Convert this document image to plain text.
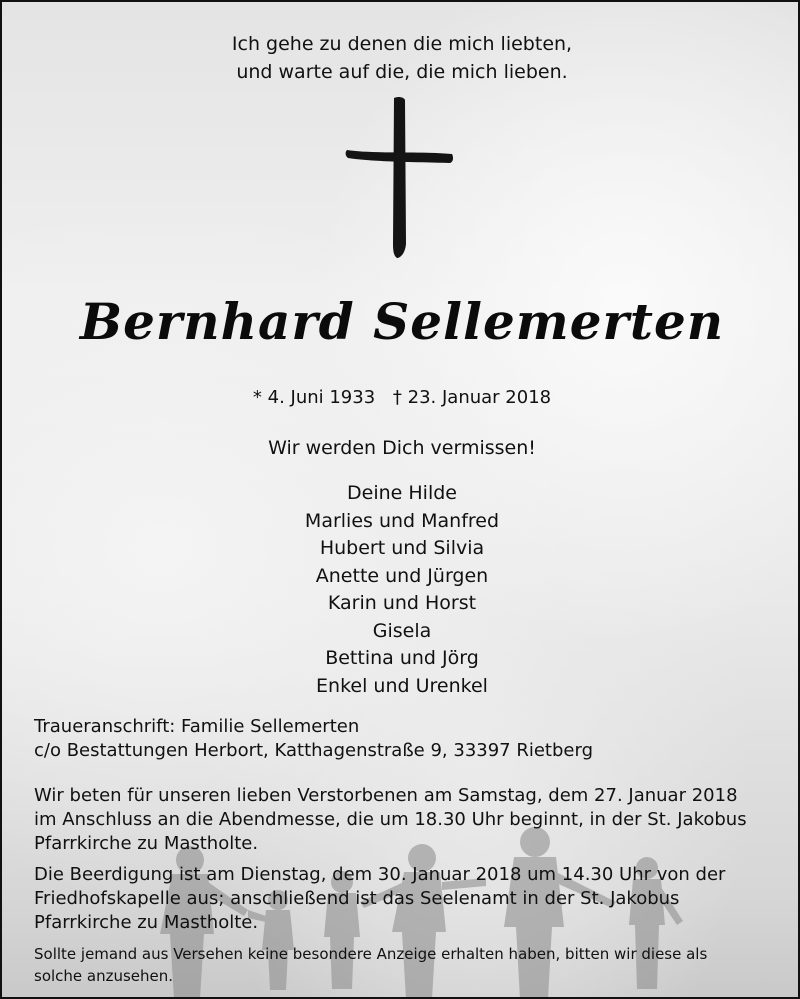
Ich gehe zu denen die mich liebten,
und warte auf die, die mich lieben.
Bernhard Sellemerten
* 4. Juni 1933 † 23. Januar 2018
Wir werden Dich vermissen!
Deine Hilde
Marlies und Manfred
Hubert und Silvia
Anette und Jürgen
Karin und Horst
Gisela
Bettina und Jörg
Enkel und Urenkel
Traueranschrift: Familie Sellemerten
c/o Bestattungen Herbort, Katthagenstraße 9, 33397 Rietberg
Wir beten für unseren lieben Verstorbenen am Samstag, dem 27. Januar 2018
im Anschluss an die Abendmesse, die um 18.30 Uhr beginnt, in der St. Jakobus
Pfarrkirche zu Mastholte.
Die Beerdigung ist am Dienstag, dem 30. Januar 2018 um 14.30 Uhr von der
Friedhofskapelle aus; anschließend ist das Seelenamt in der St. Jakobus
Pfarrkirche zu Mastholte.
Sollte jemand aus Versehen keine besondere Anzeige erhalten haben, bitten wir diese als
solche anzusehen.
